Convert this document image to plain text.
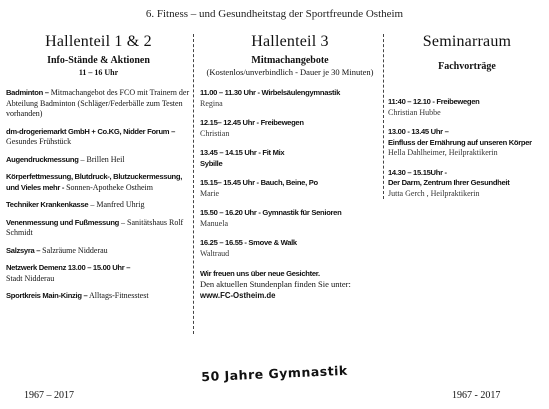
6. Fitness – und Gesundheitstag der Sportfreunde Ostheim
Hallenteil 1 & 2
Info-Stände & Aktionen
11 – 16 Uhr
Badminton – Mitmachangebot des FCO mit Trainern der Abteilung Badminton (Schläger/Federbälle zum Testen vorhanden)
dm-drogeriemarkt GmbH + Co.KG, Nidder Forum – Gesundes Frühstück
Augendruckmessung – Brillen Heil
Körperfettmessung, Blutdruck-, Blutzuckermessung, und Vieles mehr - Sonnen-Apotheke Ostheim
Techniker Krankenkasse – Manfred Uhrig
Venenmessung und Fußmessung – Sanitätshaus Rolf Schmidt
Salzsyra – Salzräume Nidderau
Netzwerk Demenz 13.00 – 15.00 Uhr –
Stadt Nidderau
Sportkreis Main-Kinzig – Alltags-Fitnesstest
Hallenteil 3
Mitmachangebote
(Kostenlos/unverbindlich - Dauer je 30 Minuten)
11.00 – 11.30 Uhr - Wirbelsäulengymnastik
Regina
12.15– 12.45 Uhr - Freibewegen
Christian
13.45 – 14.15 Uhr - Fit Mix
Sybille
15.15– 15.45 Uhr - Bauch, Beine, Po
Marie
15.50 – 16.20 Uhr - Gymnastik für Senioren
Manuela
16.25 – 16.55 - Smove & Walk
Waltraud
Wir freuen uns über neue Gesichter.
Den aktuellen Stundenplan finden Sie unter:
www.FC-Ostheim.de
Seminarraum
Fachvorträge
11:40 – 12.10 - Freibewegen
Christian Hubbe
13.00 - 13.45 Uhr –
Einfluss der Ernährung auf unseren Körper
Hella Dahlheimer, Heilpraktikerin
14.30 – 15.15Uhr -
Der Darm, Zentrum Ihrer Gesundheit
Jutta Gerch , Heilpraktikerin
50 Jahre Gymnastik
1967 – 2017	1967 - 2017
